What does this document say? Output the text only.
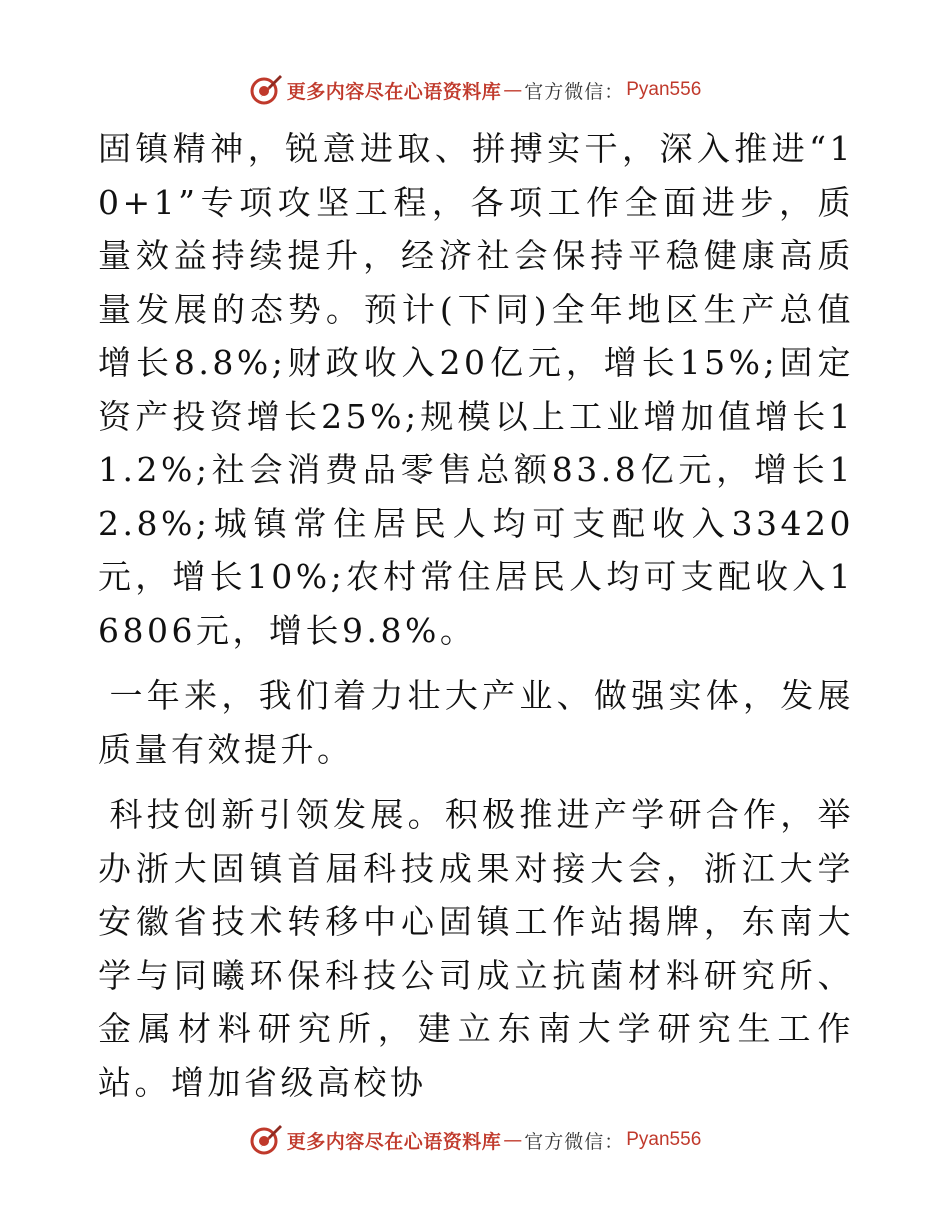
更多内容尽在心语资料库 — 官方微信： Pyan556

固镇精神，锐意进取、拼搏实干，深入推进“10+1”专项攻坚工程，各项工作全面进步，质量效益持续提升，经济社会保持平稳健康高质量发展的态势。预计(下同)全年地区生产总值增长8.8%;财政收入20亿元，增长15%;固定资产投资增长25%;规模以上工业增加值增长11.2%;社会消费品零售总额83.8亿元，增长12.8%;城镇常住居民人均可支配收入33420元，增长10%;农村常住居民人均可支配收入16806元，增长9.8%。

一年来，我们着力壮大产业、做强实体，发展质量有效提升。

科技创新引领发展。积极推进产学研合作，举办浙大固镇首届科技成果对接大会，浙江大学安徽省技术转移中心固镇工作站揭牌，东南大学与同曦环保科技公司成立抗菌材料研究所、金属材料研究所，建立东南大学研究生工作站。增加省级高校协

更多内容尽在心语资料库 — 官方微信： Pyan556
